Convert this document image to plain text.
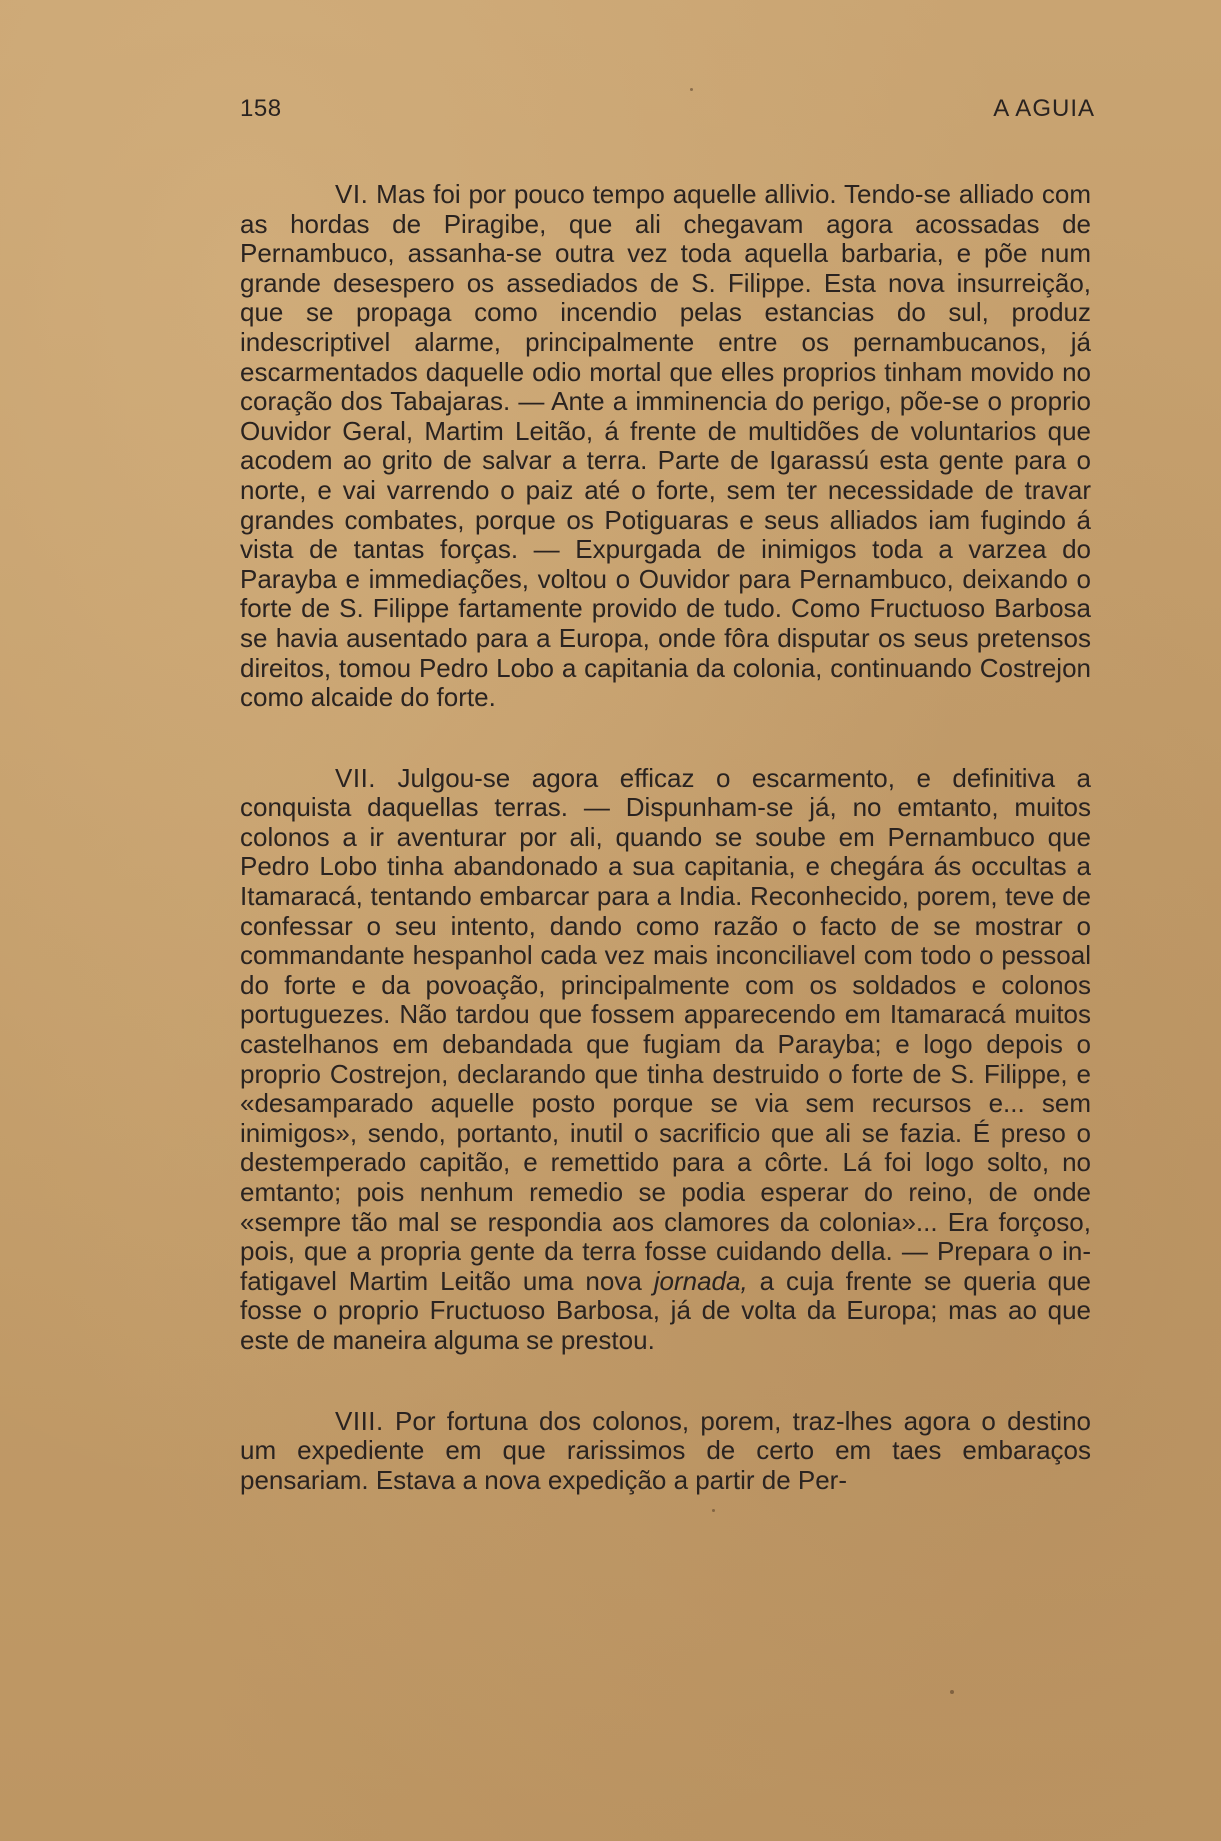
158	A AGUIA

VI. Mas foi por pouco tempo aquelle allivio. Tendo-se alliado com as hordas de Piragibe, que ali chegavam agora acossadas de Pernambuco, assanha-se outra vez toda aquella barbaria, e põe num grande desespero os assediados de S. Filippe. Esta nova insurreição, que se propaga como incendio pelas estancias do sul, produz indescriptivel alarme, principalmente entre os pernambucanos, já escarmentados daquelle odio mortal que elles proprios tinham movido no coração dos Tabajaras. — Ante a imminencia do perigo, põe-se o proprio Ouvidor Geral, Martim Leitão, á frente de multidões de voluntarios que acodem ao grito de salvar a terra. Parte de Igarassú esta gente para o norte, e vai varrendo o paiz até o forte, sem ter necessidade de travar grandes combates, porque os Potiguaras e seus alliados iam fugindo á vista de tantas forças. — Expurgada de inimigos toda a varzea do Parayba e immediações, voltou o Ouvidor para Pernambuco, deixando o forte de S. Filippe fartamente provido de tudo. Como Fructuoso Barbosa se havia ausentado para a Europa, onde fôra disputar os seus pretensos direitos, tomou Pedro Lobo a capitania da colonia, continuando Costrejon como alcaide do forte.

VII. Julgou-se agora efficaz o escarmento, e definitiva a conquista daquellas terras. — Dispunham-se já, no emtanto, muitos colonos a ir aventurar por ali, quando se soube em Pernambuco que Pedro Lobo tinha abandonado a sua capitania, e chegára ás occultas a Itamaracá, tentando embarcar para a India. Reconhecido, porem, teve de confessar o seu intento, dando como razão o facto de se mostrar o commandante hespanhol cada vez mais inconciliavel com todo o pessoal do forte e da povoação, principalmente com os soldados e colonos portuguezes. Não tardou que fossem apparecendo em Itamaracá muitos castelhanos em debandada que fugiam da Parayba; e logo depois o proprio Costrejon, declarando que tinha destruido o forte de S. Filippe, e «desamparado aquelle posto porque se via sem recursos e... sem inimigos», sendo, portanto, inutil o sacrificio que ali se fazia. É preso o destemperado capitão, e remettido para a côrte. Lá foi logo solto, no emtanto; pois nenhum remedio se podia esperar do reino, de onde «sempre tão mal se respondia aos clamores da colonia»... Era forçoso, pois, que a propria gente da terra fosse cuidando della. — Prepara o infatigavel Martim Leitão uma nova jornada, a cuja frente se queria que fosse o proprio Fructuoso Barbosa, já de volta da Europa; mas ao que este de maneira alguma se prestou.

VIII. Por fortuna dos colonos, porem, traz-lhes agora o destino um expediente em que rarissimos de certo em taes embaraços pensariam. Estava a nova expedição a partir de Per-
